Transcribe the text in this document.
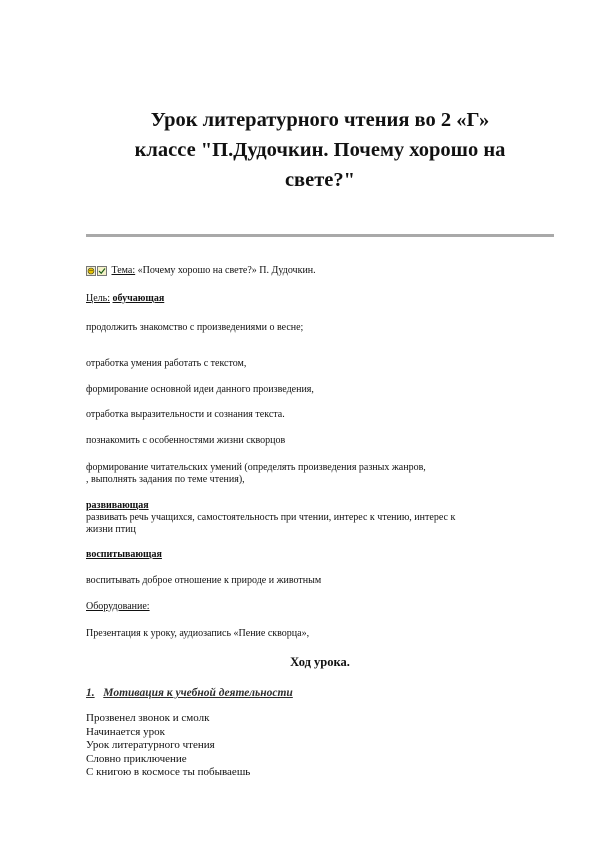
Урок литературного чтения во 2 «Г»
классе "П.Дудочкин. Почему хорошо на
свете?"
Тема: «Почему хорошо на свете?» П. Дудочкин.
Цель: обучающая
продолжить знакомство с произведениями о весне;
отработка умения работать с текстом,
формирование основной идеи данного произведения,
отработка выразительности и сознания текста.
познакомить с особенностями жизни скворцов
формирование читательских умений (определять произведения разных жанров,
, выполнять задания по теме чтения),
развивающая
развивать речь учащихся, самостоятельность при чтении, интерес к чтению, интерес к
жизни птиц
воспитывающая
воспитывать доброе отношение к природе и животным
Оборудование:
Презентация к уроку, аудиозапись «Пение скворца»,
Ход урока.
1. Мотивация к учебной деятельности
Прозвенел звонок и смолк
Начинается урок
Урок литературного чтения
Словно приключение
С книгою в космосе ты побываешь
